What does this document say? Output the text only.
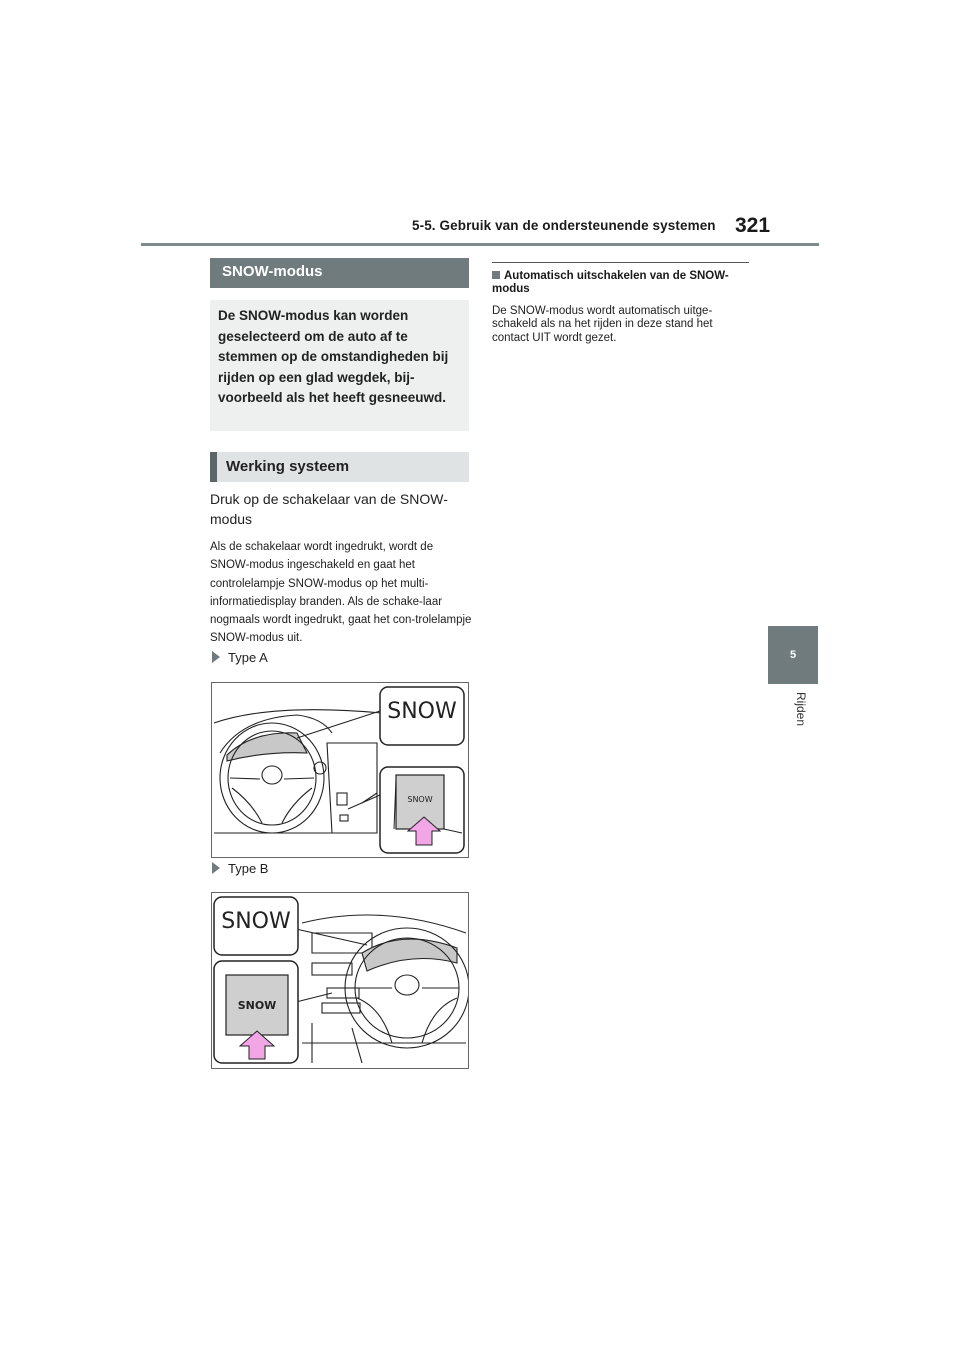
5-5. Gebruik van de ondersteunende systemen 321
5
Rijden
SNOW-modus
De SNOW-modus kan worden geselecteerd om de auto af te stemmen op de omstandigheden bij rijden op een glad wegdek, bij-voorbeeld als het heeft gesneeuwd.
Werking systeem
Druk op de schakelaar van de SNOW-modus
Als de schakelaar wordt ingedrukt, wordt de SNOW-modus ingeschakeld en gaat het controlelampje SNOW-modus op het multi-informatiedisplay branden. Als de schake-laar nogmaals wordt ingedrukt, gaat het con-trolelampje SNOW-modus uit.
Type A
SNOW
SNOW
Type B
SNOW
SNOW
Automatisch uitschakelen van de SNOW-modus
De SNOW-modus wordt automatisch uitge-schakeld als na het rijden in deze stand het contact UIT wordt gezet.
